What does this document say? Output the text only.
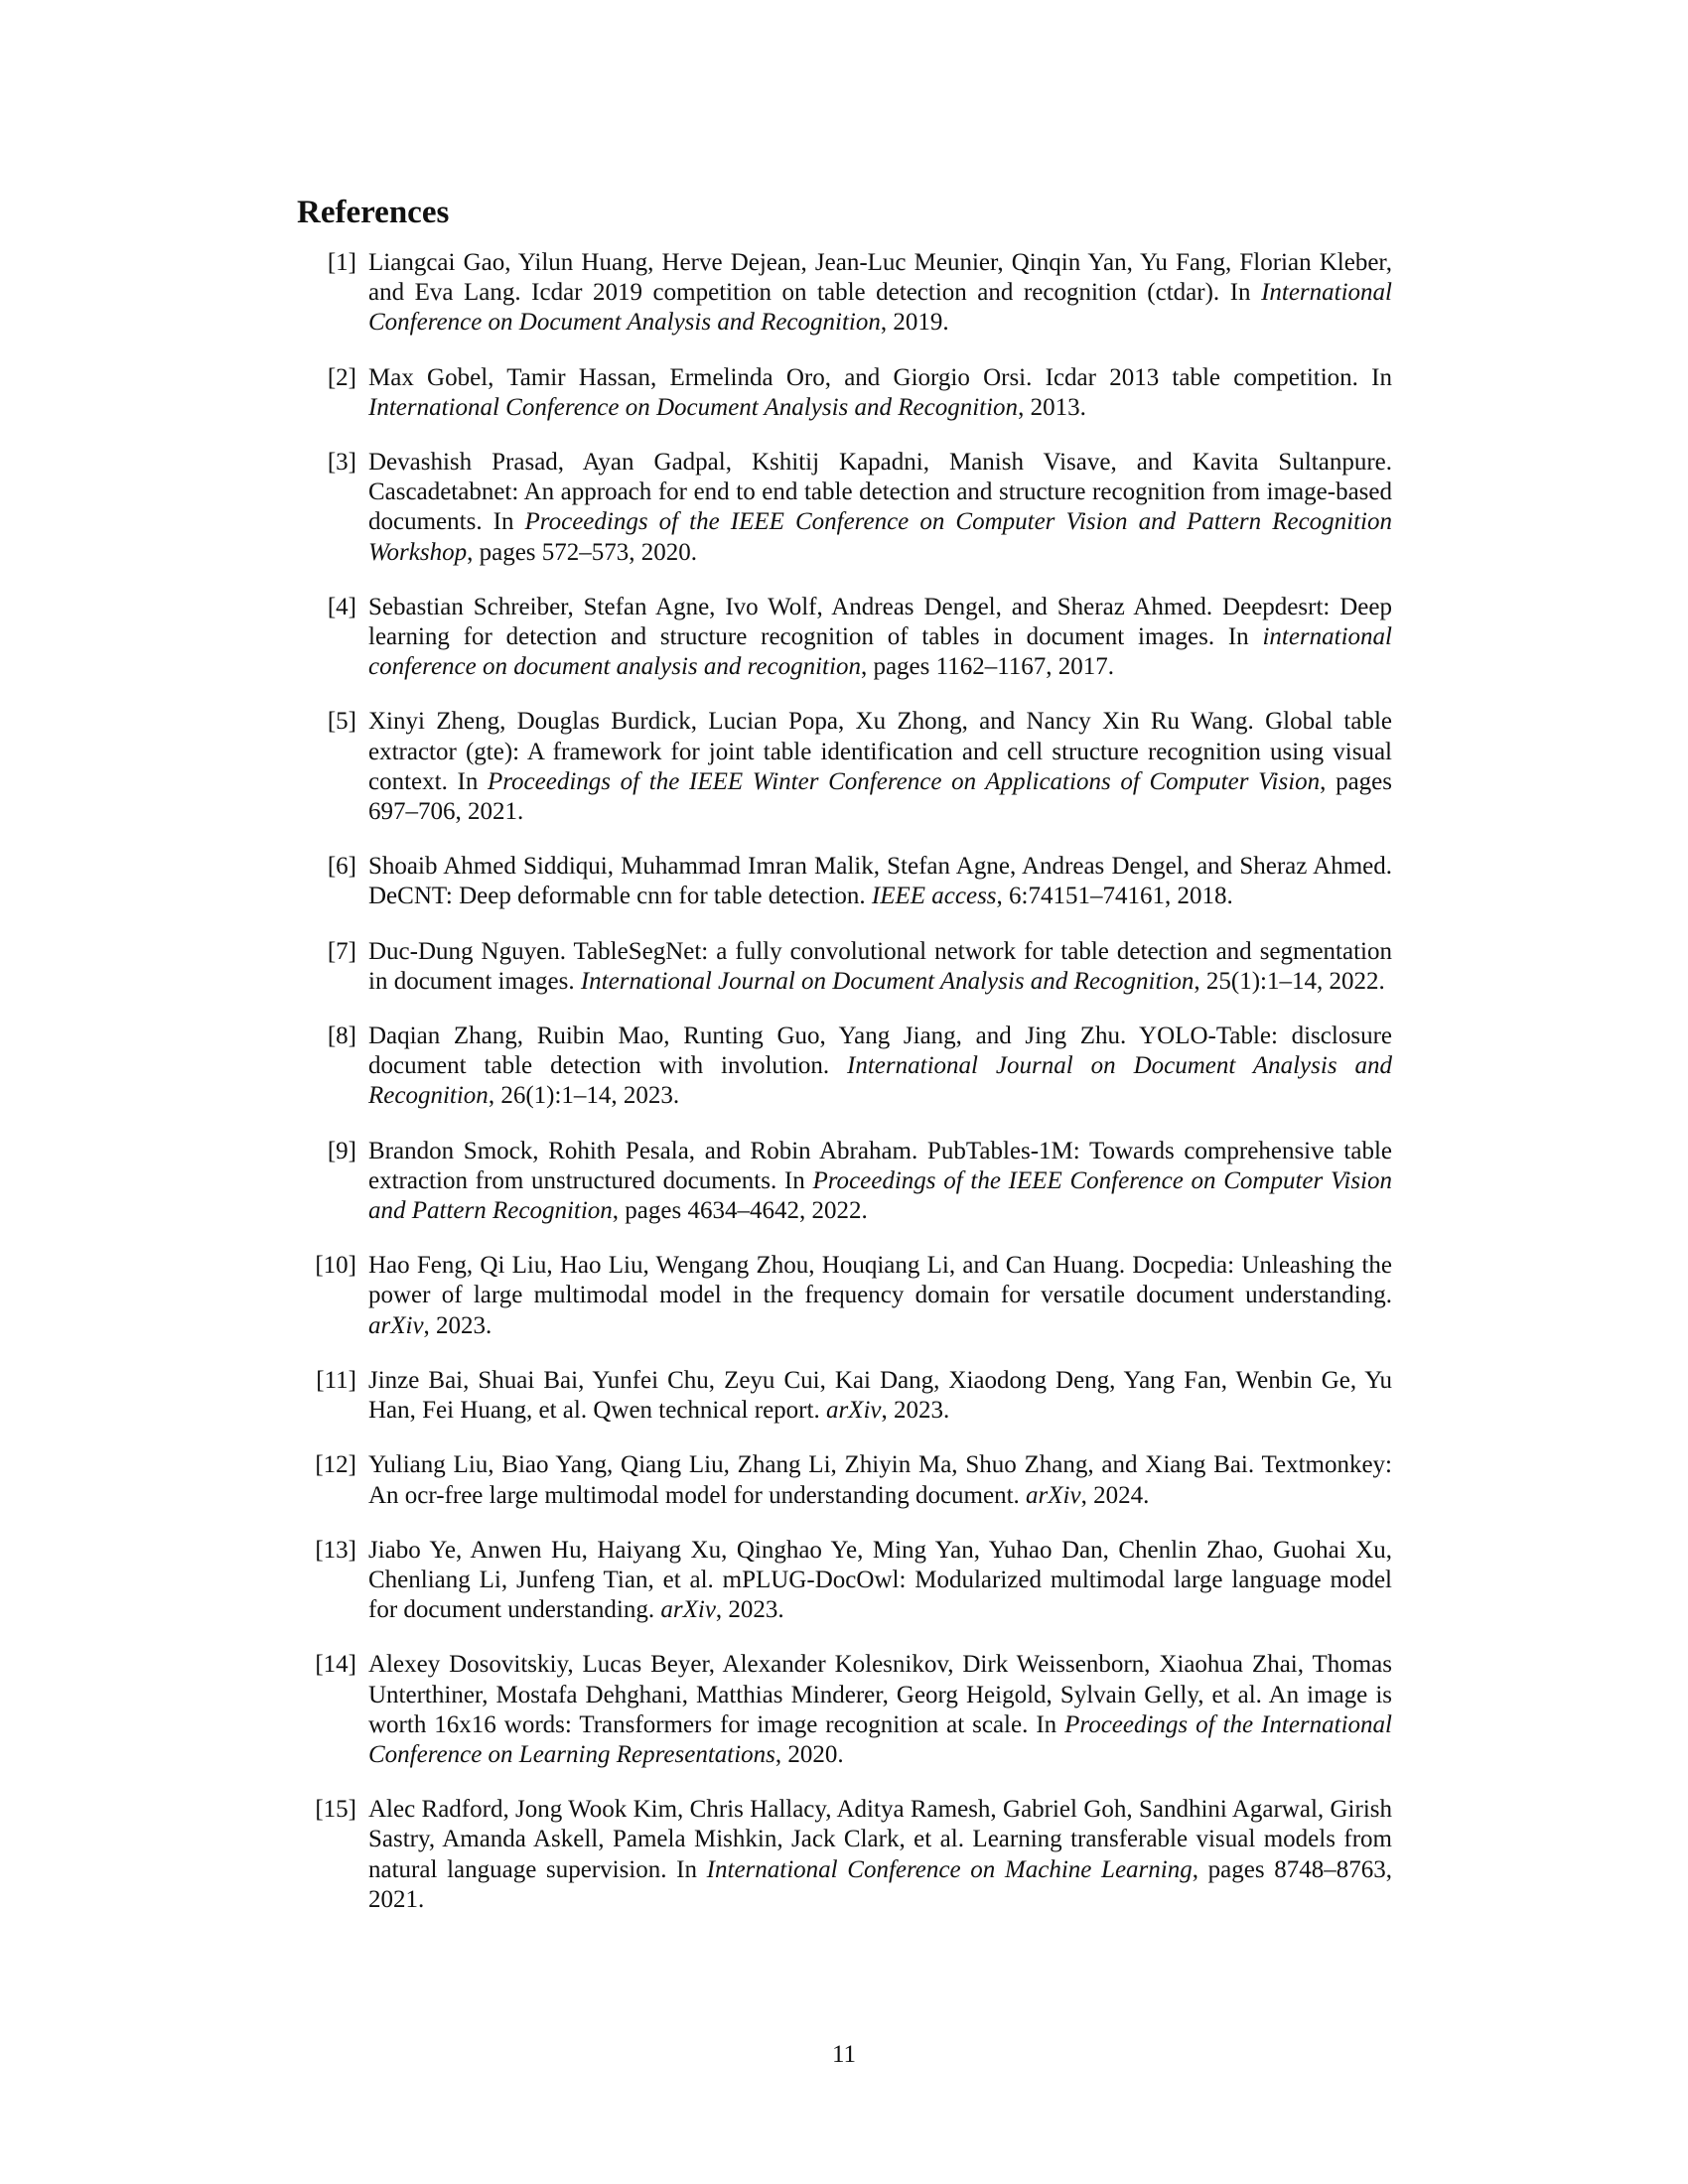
References
[1] Liangcai Gao, Yilun Huang, Herve Dejean, Jean-Luc Meunier, Qinqin Yan, Yu Fang, Florian Kleber, and Eva Lang. Icdar 2019 competition on table detection and recognition (ctdar). In International Conference on Document Analysis and Recognition, 2019.
[2] Max Gobel, Tamir Hassan, Ermelinda Oro, and Giorgio Orsi. Icdar 2013 table competition. In International Conference on Document Analysis and Recognition, 2013.
[3] Devashish Prasad, Ayan Gadpal, Kshitij Kapadni, Manish Visave, and Kavita Sultanpure. Cascadetabnet: An approach for end to end table detection and structure recognition from image-based documents. In Proceedings of the IEEE Conference on Computer Vision and Pattern Recognition Workshop, pages 572–573, 2020.
[4] Sebastian Schreiber, Stefan Agne, Ivo Wolf, Andreas Dengel, and Sheraz Ahmed. Deepdesrt: Deep learning for detection and structure recognition of tables in document images. In international conference on document analysis and recognition, pages 1162–1167, 2017.
[5] Xinyi Zheng, Douglas Burdick, Lucian Popa, Xu Zhong, and Nancy Xin Ru Wang. Global table extractor (gte): A framework for joint table identification and cell structure recognition using visual context. In Proceedings of the IEEE Winter Conference on Applications of Computer Vision, pages 697–706, 2021.
[6] Shoaib Ahmed Siddiqui, Muhammad Imran Malik, Stefan Agne, Andreas Dengel, and Sheraz Ahmed. DeCNT: Deep deformable cnn for table detection. IEEE access, 6:74151–74161, 2018.
[7] Duc-Dung Nguyen. TableSegNet: a fully convolutional network for table detection and segmentation in document images. International Journal on Document Analysis and Recognition, 25(1):1–14, 2022.
[8] Daqian Zhang, Ruibin Mao, Runting Guo, Yang Jiang, and Jing Zhu. YOLO-Table: disclosure document table detection with involution. International Journal on Document Analysis and Recognition, 26(1):1–14, 2023.
[9] Brandon Smock, Rohith Pesala, and Robin Abraham. PubTables-1M: Towards comprehensive table extraction from unstructured documents. In Proceedings of the IEEE Conference on Computer Vision and Pattern Recognition, pages 4634–4642, 2022.
[10] Hao Feng, Qi Liu, Hao Liu, Wengang Zhou, Houqiang Li, and Can Huang. Docpedia: Unleashing the power of large multimodal model in the frequency domain for versatile document understanding. arXiv, 2023.
[11] Jinze Bai, Shuai Bai, Yunfei Chu, Zeyu Cui, Kai Dang, Xiaodong Deng, Yang Fan, Wenbin Ge, Yu Han, Fei Huang, et al. Qwen technical report. arXiv, 2023.
[12] Yuliang Liu, Biao Yang, Qiang Liu, Zhang Li, Zhiyin Ma, Shuo Zhang, and Xiang Bai. Textmonkey: An ocr-free large multimodal model for understanding document. arXiv, 2024.
[13] Jiabo Ye, Anwen Hu, Haiyang Xu, Qinghao Ye, Ming Yan, Yuhao Dan, Chenlin Zhao, Guohai Xu, Chenliang Li, Junfeng Tian, et al. mPLUG-DocOwl: Modularized multimodal large language model for document understanding. arXiv, 2023.
[14] Alexey Dosovitskiy, Lucas Beyer, Alexander Kolesnikov, Dirk Weissenborn, Xiaohua Zhai, Thomas Unterthiner, Mostafa Dehghani, Matthias Minderer, Georg Heigold, Sylvain Gelly, et al. An image is worth 16x16 words: Transformers for image recognition at scale. In Proceedings of the International Conference on Learning Representations, 2020.
[15] Alec Radford, Jong Wook Kim, Chris Hallacy, Aditya Ramesh, Gabriel Goh, Sandhini Agarwal, Girish Sastry, Amanda Askell, Pamela Mishkin, Jack Clark, et al. Learning transferable visual models from natural language supervision. In International Conference on Machine Learning, pages 8748–8763, 2021.
11
